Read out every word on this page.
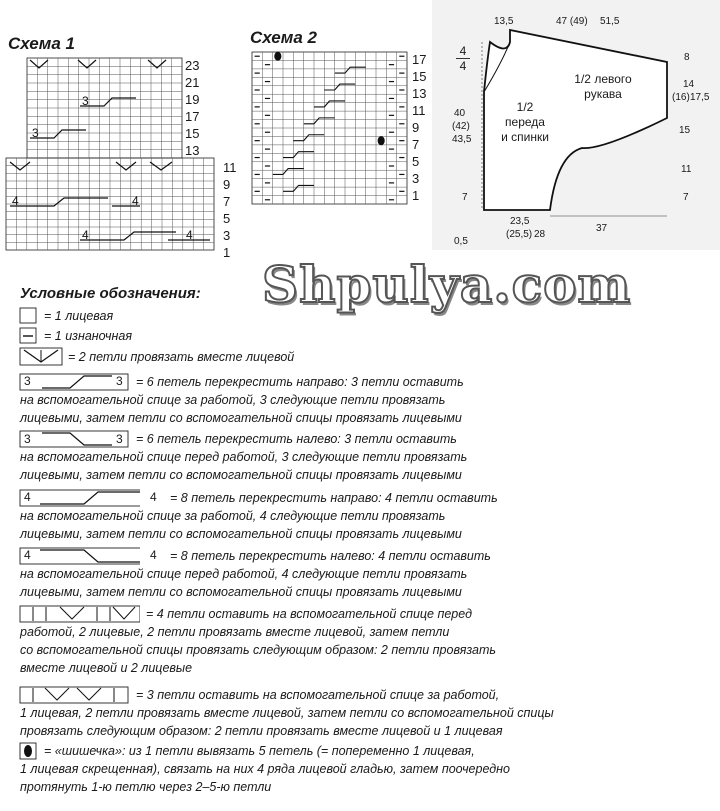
Схема 1
3
3
4	4
4	4
23
21
19
17
15
13
11
9
7
5
3
1
Схема 2
17
15
13
11
9
7
5
3
1
4
4
13,5	47 (49) 51,5
8
14
(16) 17,5
15
11
7
1/2
переда
и спинки
1/2 левого
рукава
40
(42)
43,5
7
23,5
(25,5) 28
37
0,5
Shpulya.com
Условные обозначения:
3	3
3	3
4	4
4	4
= 1 лицевая
= 1 изнаночная
= 2 петли провязать вместе лицевой
= 6 петель перекрестить направо: 3 петли оставить
на вспомогательной спице за работой, 3 следующие петли провязать
лицевыми, затем петли со вспомогательной спицы провязать лицевыми
= 6 петель перекрестить налево: 3 петли оставить
на вспомогательной спице перед работой, 3 следующие петли провязать
лицевыми, затем петли со вспомогательной спицы провязать лицевыми
= 8 петель перекрестить направо: 4 петли оставить
на вспомогательной спице за работой, 4 следующие петли провязать
лицевыми, затем петли со вспомогательной спицы провязать лицевыми
= 8 петель перекрестить налево: 4 петли оставить
на вспомогательной спице перед работой, 4 следующие петли провязать
лицевыми, затем петли со вспомогательной спицы провязать лицевыми
= 4 петли оставить на вспомогательной спице перед
работой, 2 лицевые, 2 петли провязать вместе лицевой, затем петли
со вспомогательной спицы провязать следующим образом: 2 петли провязать
вместе лицевой и 2 лицевые
= 3 петли оставить на вспомогательной спице за работой,
1 лицевая, 2 петли провязать вместе лицевой, затем петли со вспомогательной спицы
провязать следующим образом: 2 петли провязать вместе лицевой и 1 лицевая
= «шишечка»: из 1 петли вывязать 5 петель (= попеременно 1 лицевая,
1 лицевая скрещенная), связать на них 4 ряда лицевой гладью, затем поочередно
протянуть 1-ю петлю через 2–5-ю петли
